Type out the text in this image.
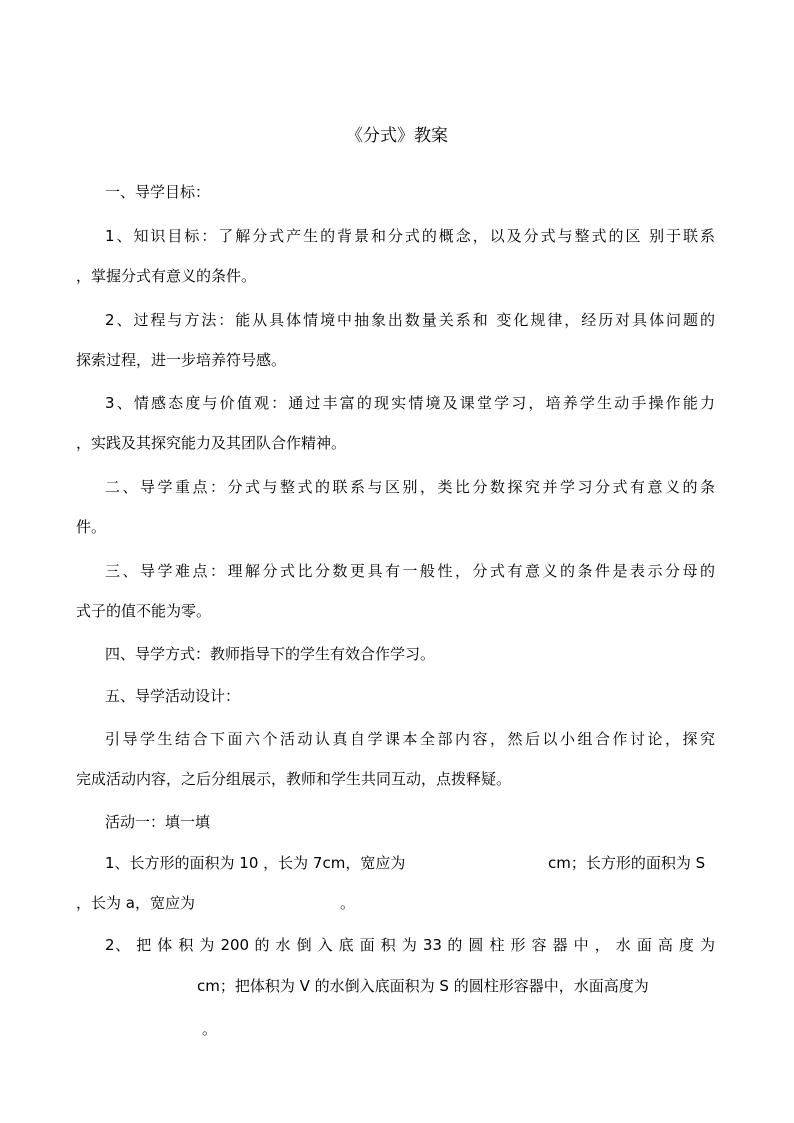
《分式》教案
一、导学目标：
1、知识目标：了解分式产生的背景和分式的概念，以及分式与整式的区 别于联系
，掌握分式有意义的条件。
2、过程与方法：能从具体情境中抽象出数量关系和 变化规律，经历对具体问题的
探索过程，进一步培养符号感。
3、情感态度与价值观：通过丰富的现实情境及课堂学习，培养学生动手操作能力
，实践及其探究能力及其团队合作精神。
二、导学重点：分式与整式的联系与区别，类比分数探究并学习分式有意义的条
件。
三、导学难点：理解分式比分数更具有一般性，分式有意义的条件是表示分母的
式子的值不能为零。
四、导学方式：教师指导下的学生有效合作学习。
五、导学活动设计：
引导学生结合下面六个活动认真自学课本全部内容，然后以小组合作讨论，探究
完成活动内容，之后分组展示，教师和学生共同互动，点拨释疑。
活动一：填一填
1、长方形的面积为 10 ，长为 7cm，宽应为	cm；长方形的面积为 S
，长为 a，宽应为	。
2、 把 体 积 为 200 的 水 倒 入 底 面 积 为 33 的 圆 柱 形 容 器 中 ， 水 面 高 度 为
cm；把体积为 V 的水倒入底面积为 S 的圆柱形容器中，水面高度为
。
